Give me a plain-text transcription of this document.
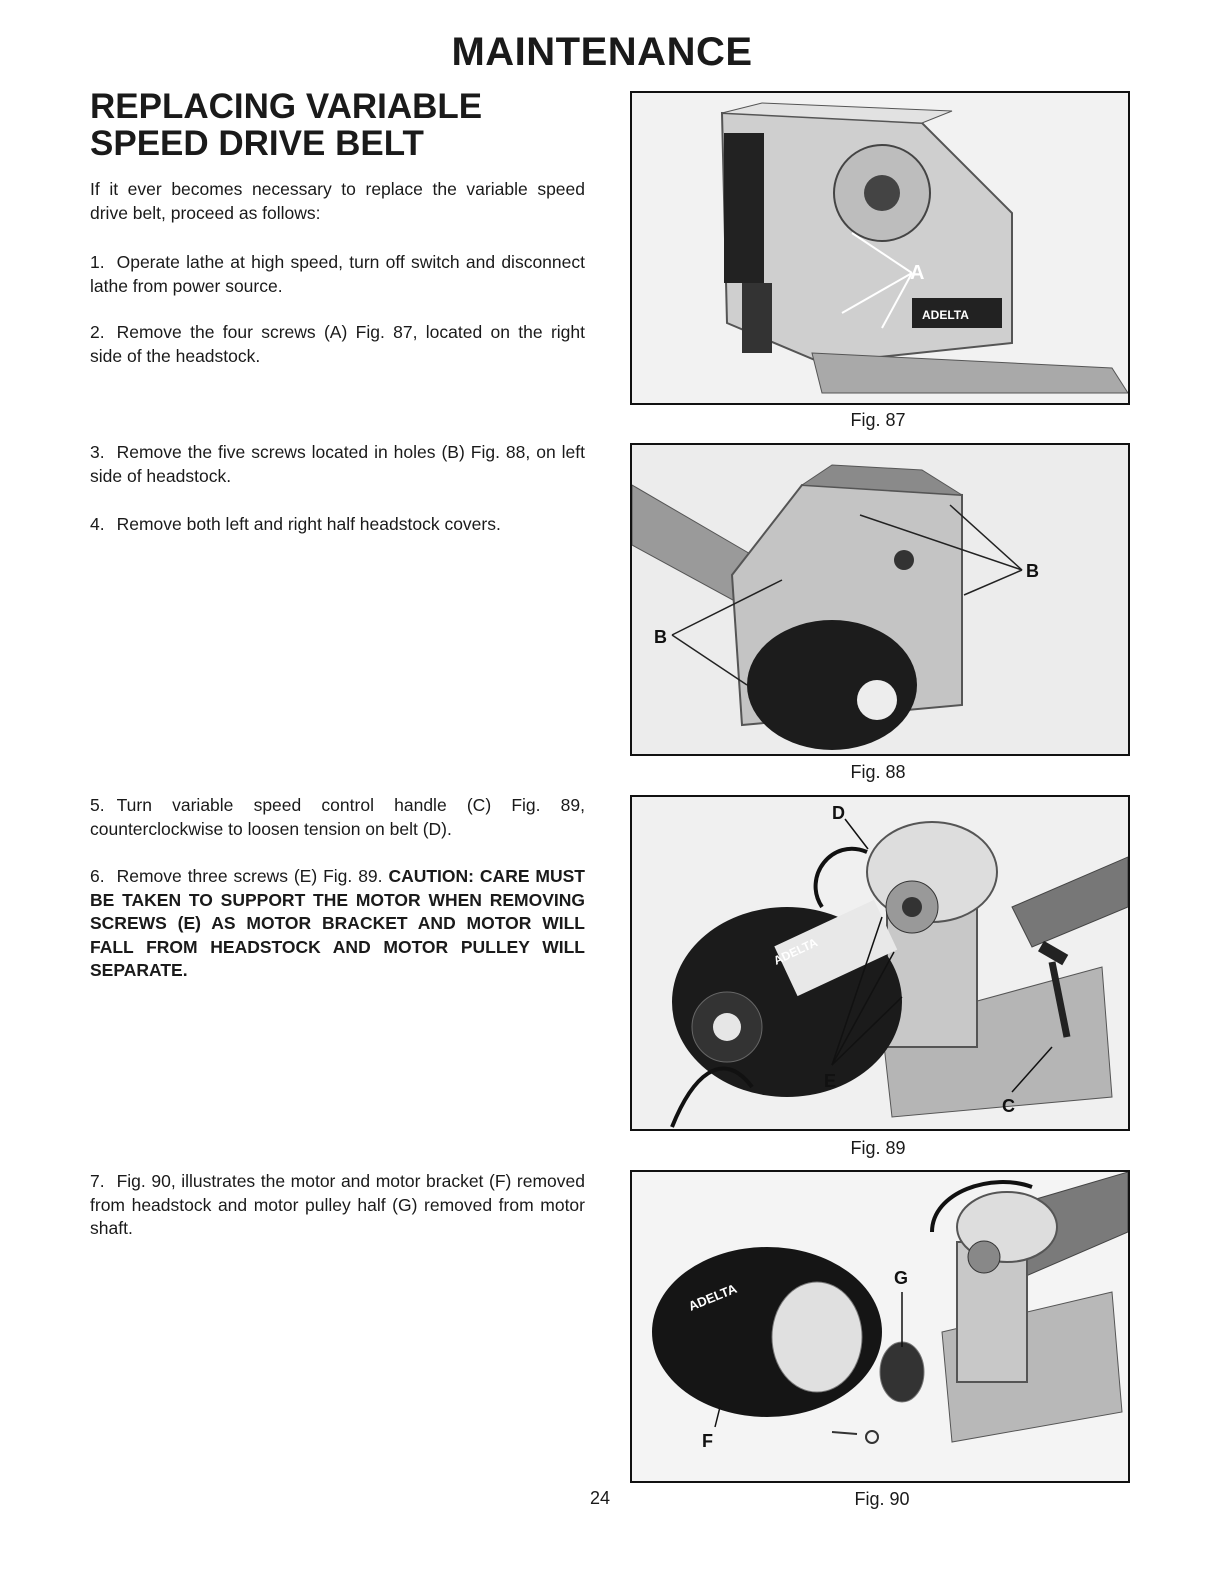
MAINTENANCE
REPLACING VARIABLE SPEED DRIVE BELT
If it ever becomes necessary to replace the variable speed drive belt, proceed as follows:
1. Operate lathe at high speed, turn off switch and disconnect lathe from power source.
2. Remove the four screws (A) Fig. 87, located on the right side of the headstock.
3. Remove the five screws located in holes (B) Fig. 88, on left side of headstock.
4. Remove both left and right half headstock covers.
5. Turn variable speed control handle (C) Fig. 89, counterclockwise to loosen tension on belt (D).
6. Remove three screws (E) Fig. 89. CAUTION: CARE MUST BE TAKEN TO SUPPORT THE MOTOR WHEN REMOVING SCREWS (E) AS MOTOR BRACKET AND MOTOR WILL FALL FROM HEADSTOCK AND MOTOR PULLEY WILL SEPARATE.
7. Fig. 90, illustrates the motor and motor bracket (F) removed from headstock and motor pulley half (G) removed from motor shaft.
ADELTA
A
Fig. 87
B
B
Fig. 88
ADELTA
D
E
C
Fig. 89
ADELTA
G
F
Fig. 90
24
